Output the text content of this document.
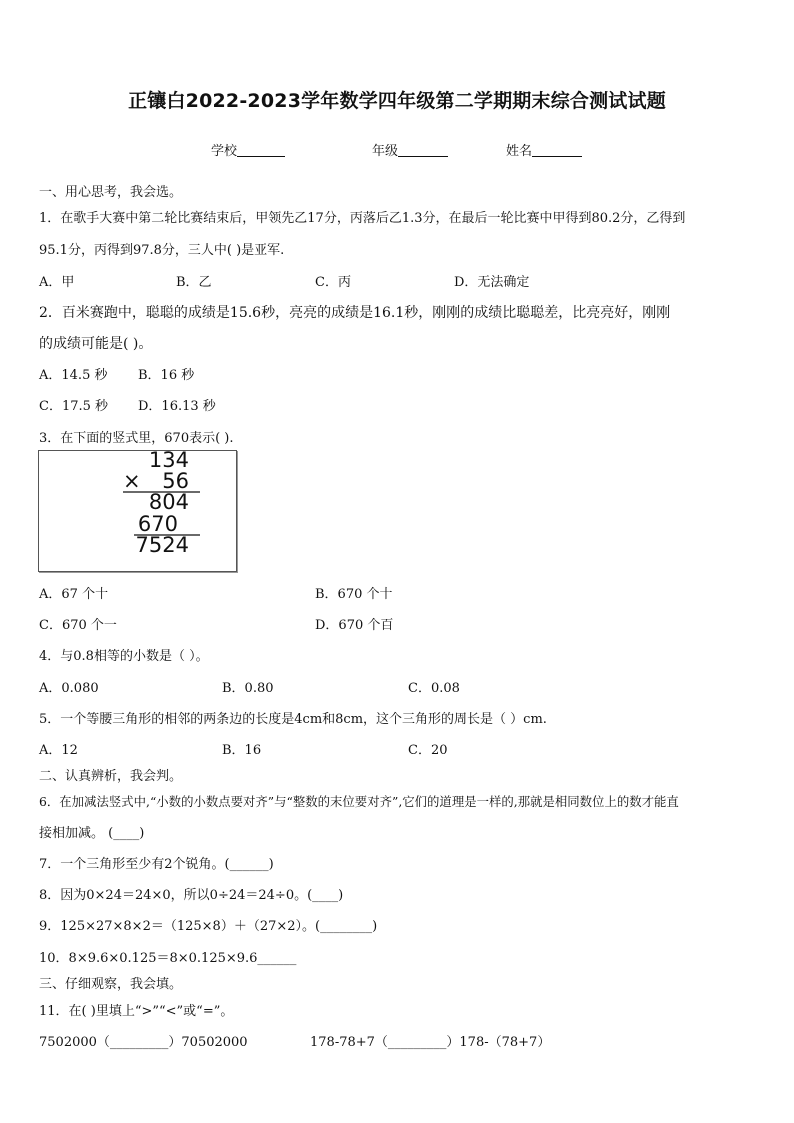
正镶白2022-2023学年数学四年级第二学期期末综合测试试题
学校	年级	姓名
一、用心思考，我会选。
1．在歌手大赛中第二轮比赛结束后，甲领先乙17分，丙落后乙1.3分，在最后一轮比赛中甲得到80.2分，乙得到
95.1分，丙得到97.8分，三人中( )是亚军.
A．甲	B．乙	C．丙	D．无法确定
2．百米赛跑中，聪聪的成绩是15.6秒，亮亮的成绩是16.1秒，刚刚的成绩比聪聪差，比亮亮好，刚刚
的成绩可能是( )。
A．14.5 秒 B．16 秒
C．17.5 秒 D．16.13 秒
3．在下面的竖式里，670表示( ).
134
× 56
804
670
7524
A．67 个十	B．670 个十
C．670 个一	D．670 个百
4．与0.8相等的小数是（ ）。
A．0.080	B．0.80	C．0.08
5．一个等腰三角形的相邻的两条边的长度是4cm和8cm，这个三角形的周长是（ ）cm.
A．12	B．16	C．20
二、认真辨析，我会判。
6．在加减法竖式中,“小数的小数点要对齐”与“整数的末位要对齐”,它们的道理是一样的,那就是相同数位上的数才能直
接相加减。 (____)
7．一个三角形至少有2个锐角。(______)
8．因为0×24＝24×0，所以0÷24＝24÷0。(____)
9．125×27×8×2＝（125×8）＋（27×2）。(________)
10．8×9.6×0.125＝8×0.125×9.6______
三、仔细观察，我会填。
11．在( )里填上“>”“<”或“=”。
7502000（_________）70502000	178-78+7（_________）178-（78+7）
